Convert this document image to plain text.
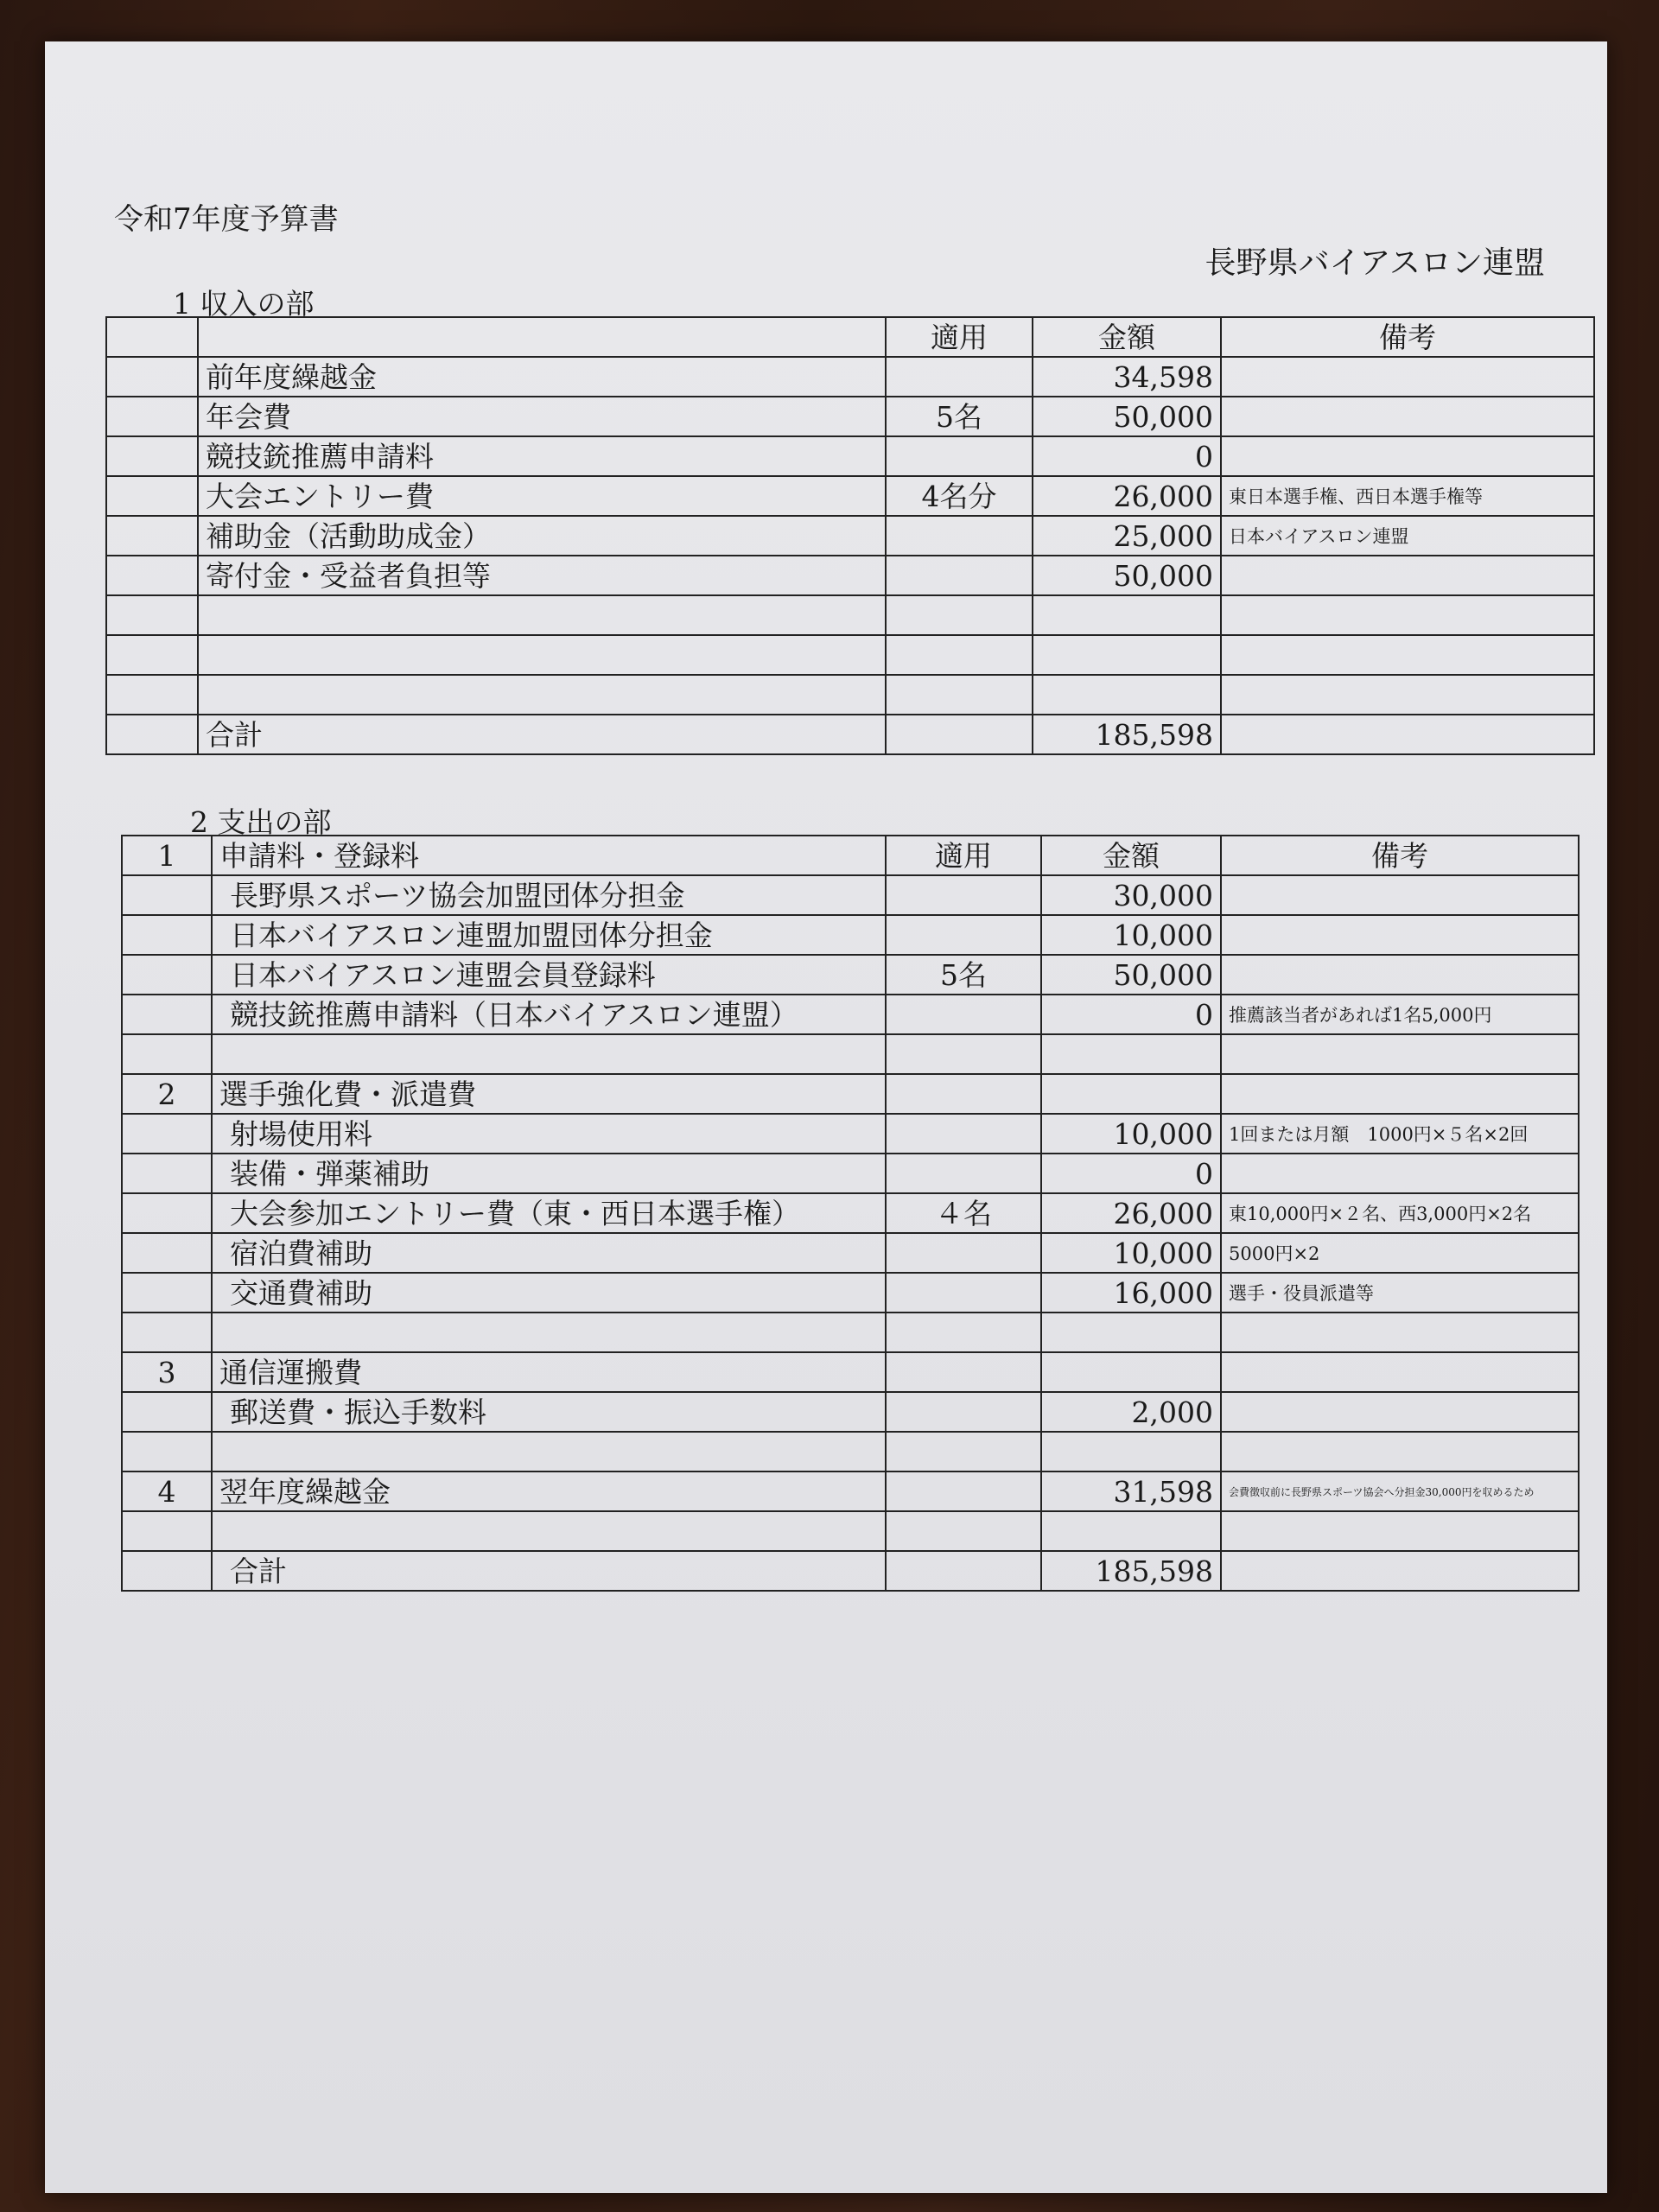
令和7年度予算書
長野県バイアスロン連盟
1 収入の部
		適用	金額	備考
	前年度繰越金		34,598	
	年会費	5名	50,000	
	競技銃推薦申請料		0	
	大会エントリー費	4名分	26,000	東日本選手権、西日本選手権等
	補助金（活動助成金）		25,000	日本バイアスロン連盟
	寄付金・受益者負担等		50,000	

	合計		185,598	
2 支出の部
1	申請料・登録料	適用	金額	備考
	長野県スポーツ協会加盟団体分担金		30,000	
	日本バイアスロン連盟加盟団体分担金		10,000	
	日本バイアスロン連盟会員登録料	5名	50,000	
	競技銃推薦申請料（日本バイアスロン連盟）		0	推薦該当者があれば1名5,000円

2	選手強化費・派遣費			
	射場使用料		10,000	1回または月額　1000円×５名×2回
	装備・弾薬補助		0	
	大会参加エントリー費（東・西日本選手権）	４名	26,000	東10,000円×２名、西3,000円×2名
	宿泊費補助		10,000	5000円×2
	交通費補助		16,000	選手・役員派遣等

3	通信運搬費			
	郵送費・振込手数料		2,000	

4	翌年度繰越金		31,598	会費徴収前に長野県スポーツ協会へ分担金30,000円を収めるため

	合計		185,598	
